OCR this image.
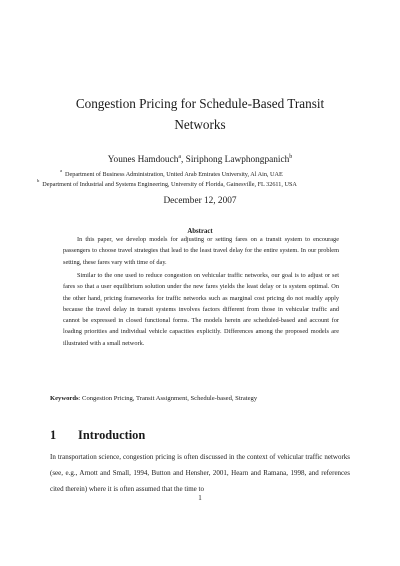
Congestion Pricing for Schedule-Based Transit Networks
Younes Hamdouch$^a$, Siriphong Lawphongpanich$^b$
$^a$Department of Business Administration, United Arab Emirates University, Al Ain, UAE
$^b$Department of Industrial and Systems Engineering, University of Florida, Gainesville, FL 32611, USA
December 12, 2007
Abstract

In this paper, we develop models for adjusting or setting fares on a transit system to encourage passengers to choose travel strategies that lead to the least travel delay for the entire system. In our problem setting, these fares vary with time of day.

Similar to the one used to reduce congestion on vehicular traffic networks, our goal is to adjust or set fares so that a user equilibrium solution under the new fares yields the least delay or is system optimal. On the other hand, pricing frameworks for traffic networks such as marginal cost pricing do not readily apply because the travel delay in transit systems involves factors different from those in vehicular traffic and cannot be expressed in closed functional forms. The models herein are scheduled-based and account for loading priorities and individual vehicle capacities explicitly. Differences among the proposed models are illustrated with a small network.

Keywords: Congestion Pricing, Transit Assignment, Schedule-based, Strategy
1 Introduction

In transportation science, congestion pricing is often discussed in the context of vehicular traffic networks (see, e.g., Arnott and Small, 1994, Button and Hensher, 2001, Hearn and Ramana, 1998, and references cited therein) where it is often assumed that the time to

1
